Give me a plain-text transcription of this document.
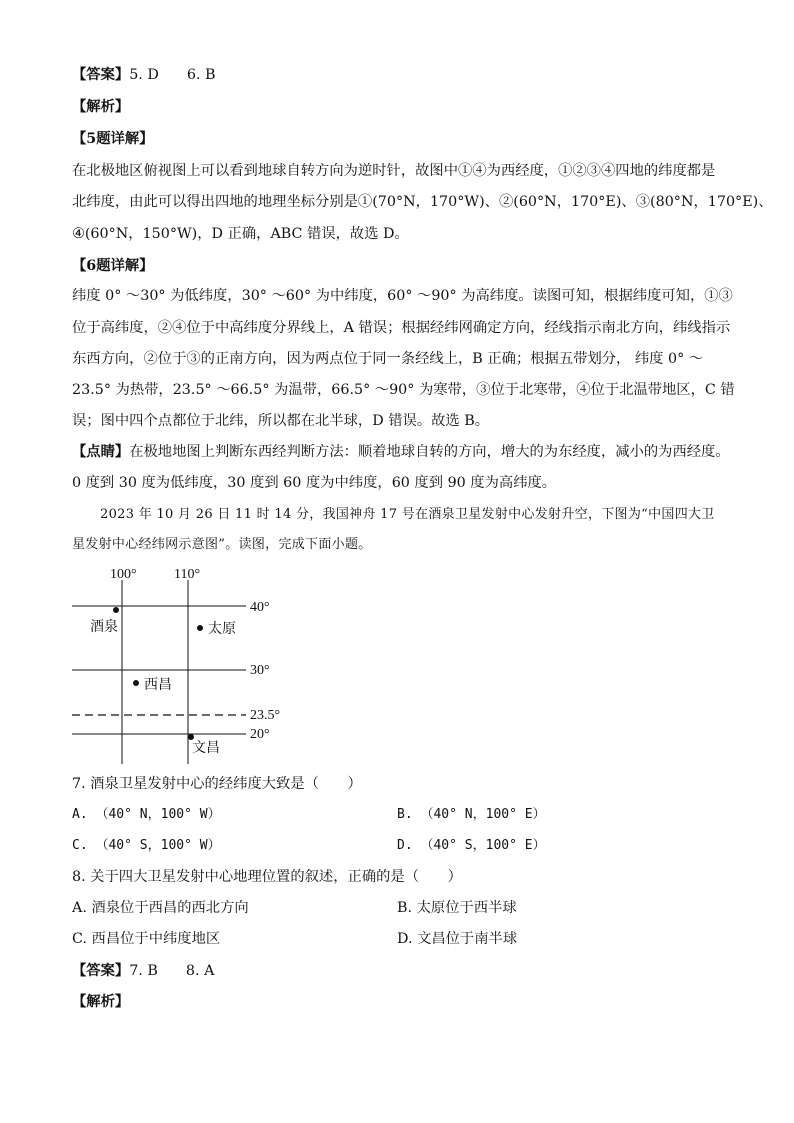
【答案】5. D 6. B
【解析】
【5题详解】
在北极地区俯视图上可以看到地球自转方向为逆时针，故图中①④为西经度，①②③④四地的纬度都是
北纬度，由此可以得出四地的地理坐标分别是①(70°N，170°W)、②(60°N，170°E)、③(80°N，170°E)、
④(60°N，150°W)，D 正确，ABC 错误，故选 D。
【6题详解】
纬度 0° ～30° 为低纬度，30° ～60° 为中纬度，60° ～90° 为高纬度。读图可知，根据纬度可知，①③
位于高纬度，②④位于中高纬度分界线上，A 错误；根据经纬网确定方向，经线指示南北方向，纬线指示
东西方向，②位于③的正南方向，因为两点位于同一条经线上，B 正确；根据五带划分， 纬度 0° ～
23.5° 为热带，23.5° ～66.5° 为温带，66.5° ～90° 为寒带，③位于北寒带，④位于北温带地区，C 错
误；图中四个点都位于北纬，所以都在北半球，D 错误。故选 B。
【点睛】在极地地图上判断东西经判断方法：顺着地球自转的方向，增大的为东经度，减小的为西经度。
0 度到 30 度为低纬度，30 度到 60 度为中纬度，60 度到 90 度为高纬度。
2023 年 10 月 26 日 11 时 14 分，我国神舟 17 号在酒泉卫星发射中心发射升空，下图为“中国四大卫
星发射中心经纬网示意图”。读图，完成下面小题。
100°	110°
40°
30°
23.5°
20°
酒泉	太原
西昌
文昌
7. 酒泉卫星发射中心的经纬度大致是（　　）
A. （40° N，100° W）	B. （40° N，100° E）
C. （40° S，100° W）	D. （40° S，100° E）
8. 关于四大卫星发射中心地理位置的叙述，正确的是（　　）
A. 酒泉位于西昌的西北方向	B. 太原位于西半球
C. 西昌位于中纬度地区	D. 文昌位于南半球
【答案】7. B 8. A
【解析】
